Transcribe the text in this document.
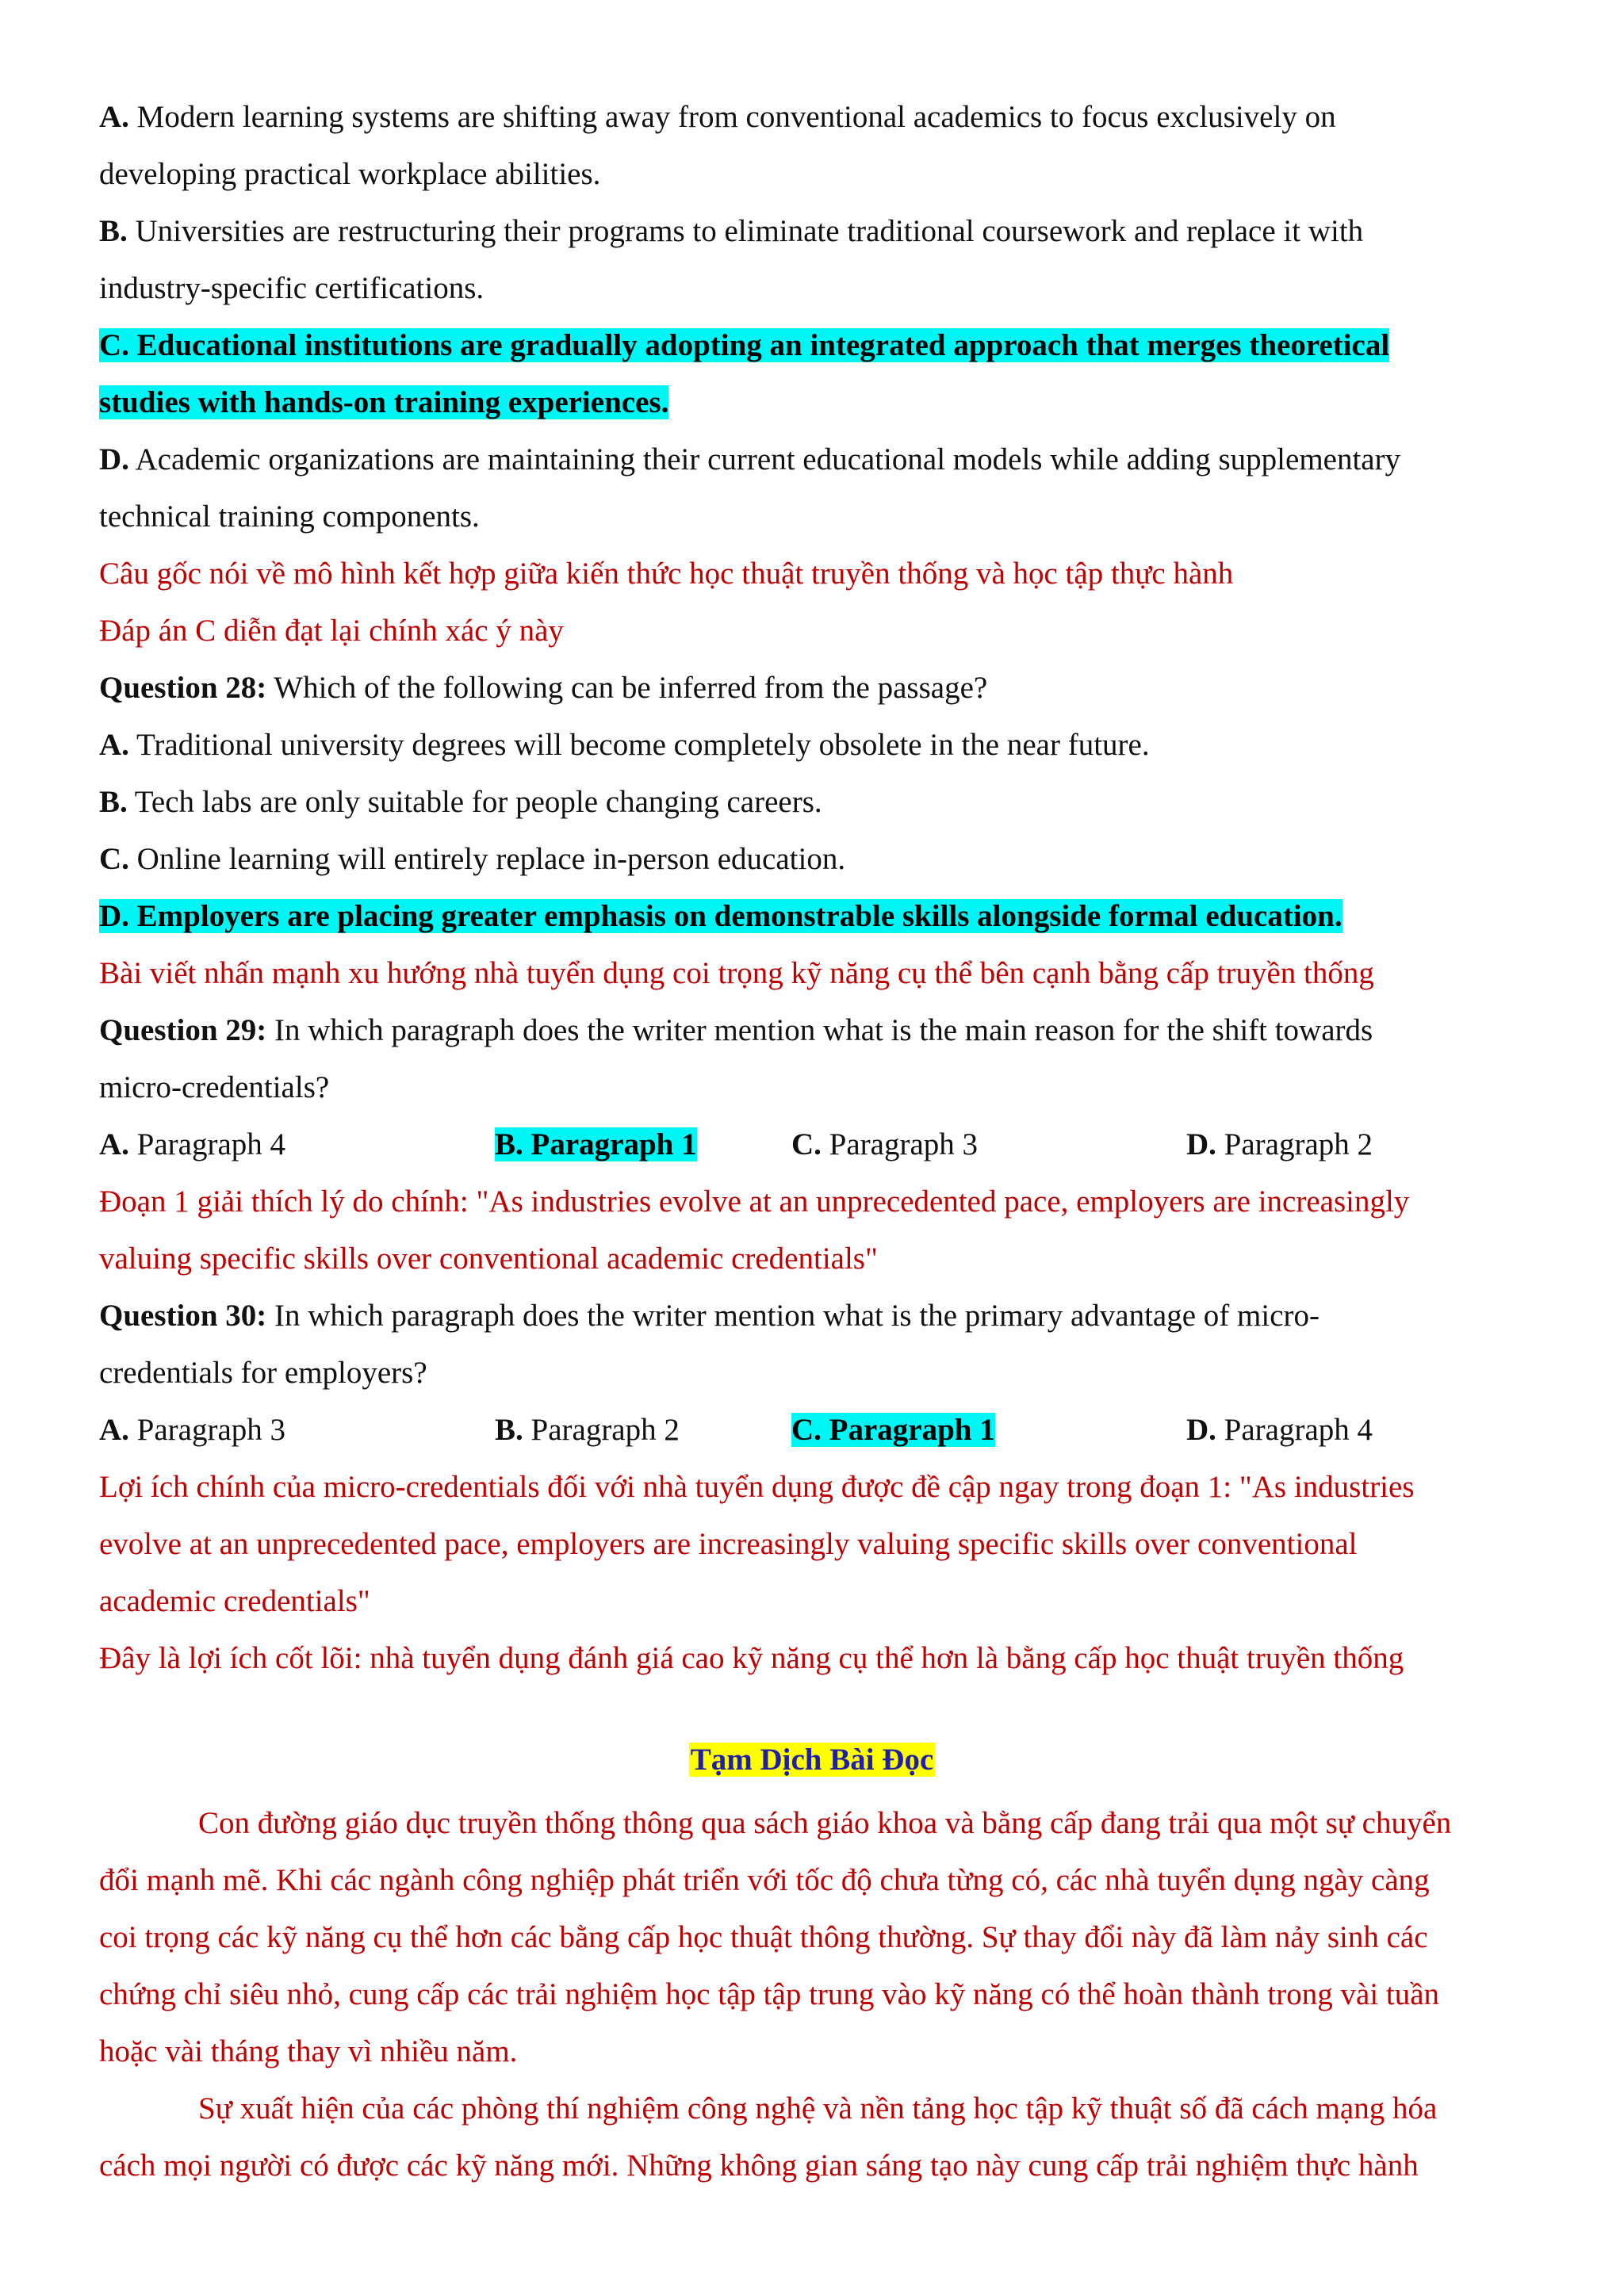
A. Modern learning systems are shifting away from conventional academics to focus exclusively on
developing practical workplace abilities.
B. Universities are restructuring their programs to eliminate traditional coursework and replace it with
industry-specific certifications.
C. Educational institutions are gradually adopting an integrated approach that merges theoretical
studies with hands-on training experiences.
D. Academic organizations are maintaining their current educational models while adding supplementary
technical training components.
Câu gốc nói về mô hình kết hợp giữa kiến thức học thuật truyền thống và học tập thực hành
Đáp án C diễn đạt lại chính xác ý này
Question 28: Which of the following can be inferred from the passage?
A. Traditional university degrees will become completely obsolete in the near future.
B. Tech labs are only suitable for people changing careers.
C. Online learning will entirely replace in-person education.
D. Employers are placing greater emphasis on demonstrable skills alongside formal education.
Bài viết nhấn mạnh xu hướng nhà tuyển dụng coi trọng kỹ năng cụ thể bên cạnh bằng cấp truyền thống
Question 29: In which paragraph does the writer mention what is the main reason for the shift towards
micro-credentials?
A. Paragraph 4	B. Paragraph 1	C. Paragraph 3	D. Paragraph 2
Đoạn 1 giải thích lý do chính: "As industries evolve at an unprecedented pace, employers are increasingly
valuing specific skills over conventional academic credentials"
Question 30: In which paragraph does the writer mention what is the primary advantage of micro-
credentials for employers?
A. Paragraph 3	B. Paragraph 2	C. Paragraph 1	D. Paragraph 4
Lợi ích chính của micro-credentials đối với nhà tuyển dụng được đề cập ngay trong đoạn 1: "As industries
evolve at an unprecedented pace, employers are increasingly valuing specific skills over conventional
academic credentials"
Đây là lợi ích cốt lõi: nhà tuyển dụng đánh giá cao kỹ năng cụ thể hơn là bằng cấp học thuật truyền thống
Tạm Dịch Bài Đọc
Con đường giáo dục truyền thống thông qua sách giáo khoa và bằng cấp đang trải qua một sự chuyển
đổi mạnh mẽ. Khi các ngành công nghiệp phát triển với tốc độ chưa từng có, các nhà tuyển dụng ngày càng
coi trọng các kỹ năng cụ thể hơn các bằng cấp học thuật thông thường. Sự thay đổi này đã làm nảy sinh các
chứng chỉ siêu nhỏ, cung cấp các trải nghiệm học tập tập trung vào kỹ năng có thể hoàn thành trong vài tuần
hoặc vài tháng thay vì nhiều năm.
Sự xuất hiện của các phòng thí nghiệm công nghệ và nền tảng học tập kỹ thuật số đã cách mạng hóa
cách mọi người có được các kỹ năng mới. Những không gian sáng tạo này cung cấp trải nghiệm thực hành
